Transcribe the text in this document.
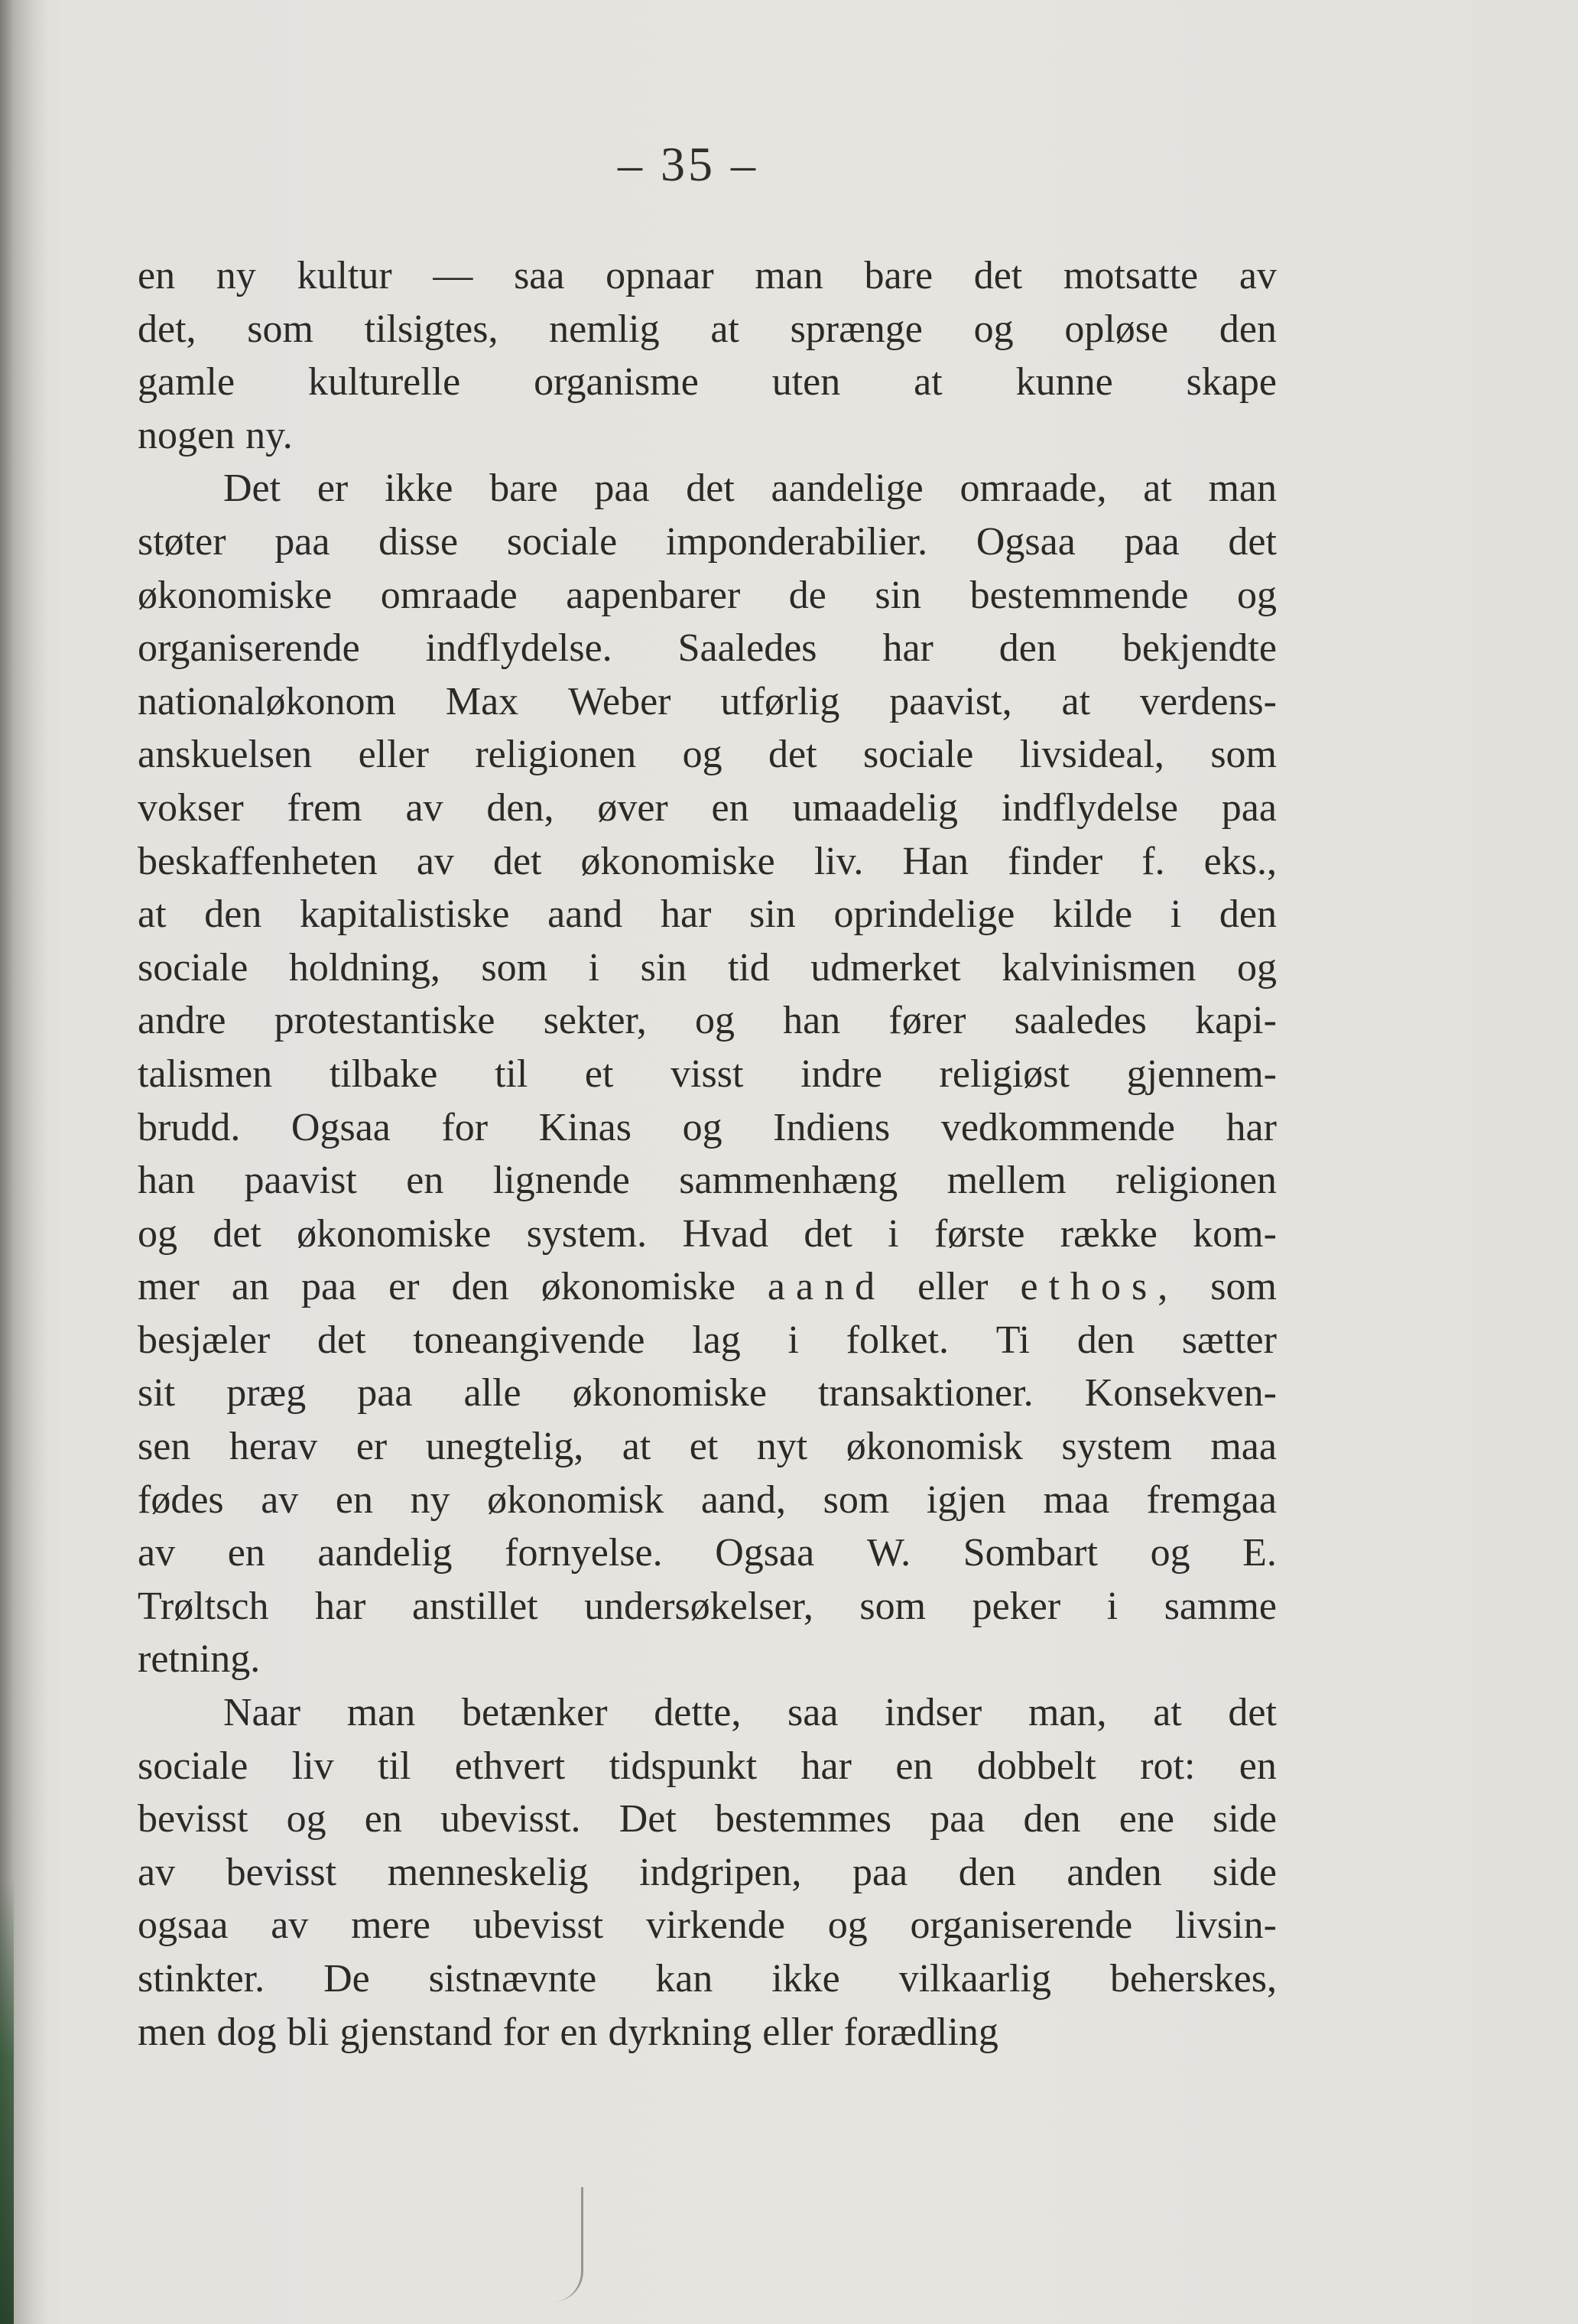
– 35 –
en ny kultur — saa opnaar man bare det motsatte av
det, som tilsigtes, nemlig at sprænge og opløse den
gamle kulturelle organisme uten at kunne skape
nogen ny.
Det er ikke bare paa det aandelige omraade, at man
støter paa disse sociale imponderabilier. Ogsaa paa det
økonomiske omraade aapenbarer de sin bestemmende og
organiserende indflydelse. Saaledes har den bekjendte
nationaløkonom Max Weber utførlig paavist, at verdens-
anskuelsen eller religionen og det sociale livsideal, som
vokser frem av den, øver en umaadelig indflydelse paa
beskaffenheten av det økonomiske liv. Han finder f. eks.,
at den kapitalistiske aand har sin oprindelige kilde i den
sociale holdning, som i sin tid udmerket kalvinismen og
andre protestantiske sekter, og han fører saaledes kapi-
talismen tilbake til et visst indre religiøst gjennem-
brudd. Ogsaa for Kinas og Indiens vedkommende har
han paavist en lignende sammenhæng mellem religionen
og det økonomiske system. Hvad det i første række kom-
mer an paa er den økonomiske aand eller ethos, som
besjæler det toneangivende lag i folket. Ti den sætter
sit præg paa alle økonomiske transaktioner. Konsekven-
sen herav er unegtelig, at et nyt økonomisk system maa
fødes av en ny økonomisk aand, som igjen maa fremgaa
av en aandelig fornyelse. Ogsaa W. Sombart og E.
Trøltsch har anstillet undersøkelser, som peker i samme
retning.
Naar man betænker dette, saa indser man, at det
sociale liv til ethvert tidspunkt har en dobbelt rot: en
bevisst og en ubevisst. Det bestemmes paa den ene side
av bevisst menneskelig indgripen, paa den anden side
ogsaa av mere ubevisst virkende og organiserende livsin-
stinkter. De sistnævnte kan ikke vilkaarlig beherskes,
men dog bli gjenstand for en dyrkning eller forædling
